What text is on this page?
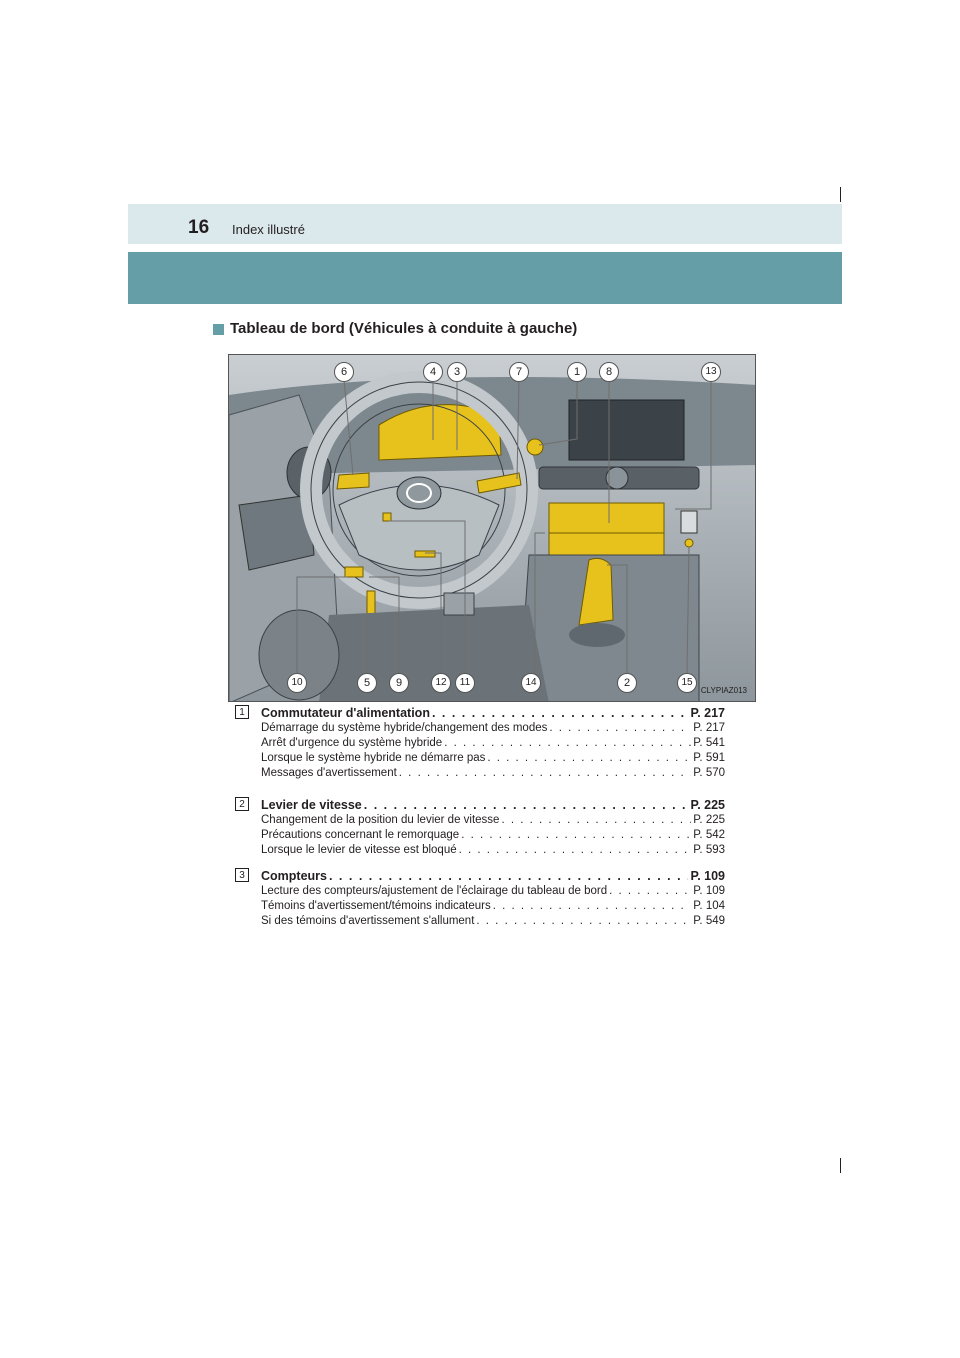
16 Index illustré
Tableau de bord (Véhicules à conduite à gauche)
6	4	3	7	1	8	13
10	5	9	12	11	14	2	15
CLYPIAZ013
1	Commutateur d'alimentation . . .	P. 217
Démarrage du système hybride/changement des modes . . .	P. 217
Arrêt d'urgence du système hybride . . .	P. 541
Lorsque le système hybride ne démarre pas . . .	P. 591
Messages d'avertissement . . .	P. 570
2	Levier de vitesse . . .	P. 225
Changement de la position du levier de vitesse . . .	P. 225
Précautions concernant le remorquage . . .	P. 542
Lorsque le levier de vitesse est bloqué . . .	P. 593
3	Compteurs . . .	P. 109
Lecture des compteurs/ajustement de l'éclairage du tableau de bord . . .	P. 109
Témoins d'avertissement/témoins indicateurs . . .	P. 104
Si des témoins d'avertissement s'allument . . .	P. 549
